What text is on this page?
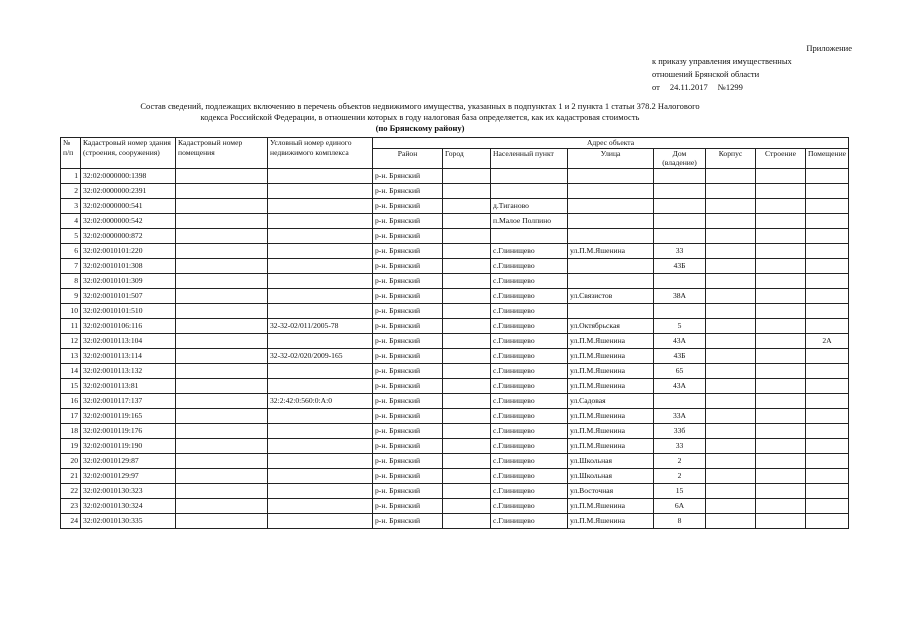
Приложение
к приказу управления имущественных
отношений Брянской области
от 24.11.2017 №1299
Состав сведений, подлежащих включению в перечень объектов недвижимого имущества, указанных в подпунктах 1 и 2 пункта 1 статьи 378.2 Налогового
кодекса Российской Федерации, в отношении которых в году налоговая база определяется, как их кадастровая стоимость
(по Брянскому району)
№ п/п	Кадастровый номер здания (строения, сооружения)	Кадастровый номер помещения	Условный номер единого недвижимого комплекса	Адрес объекта							
				Район	Город	Населенный пункт	Улица	Дом (владение)	Корпус	Строение	Помещение
1	32:02:0000000:1398			р-н. Брянский							
2	32:02:0000000:2391			р-н. Брянский							
3	32:02:0000000:541			р-н. Брянский		д.Тиганово					
4	32:02:0000000:542			р-н. Брянский		п.Малое Полпино					
5	32:02:0000000:872			р-н. Брянский							
6	32:02:0010101:220			р-н. Брянский		с.Глинищево	ул.П.М.Яшенина	33			
7	32:02:0010101:308			р-н. Брянский		с.Глинищево		43Б			
8	32:02:0010101:309			р-н. Брянский		с.Глинищево					
9	32:02:0010101:507			р-н. Брянский		с.Глинищево	ул.Связистов	38А			
10	32:02:0010101:510			р-н. Брянский		с.Глинищево					
11	32:02:0010106:116		32-32-02/011/2005-78	р-н. Брянский		с.Глинищево	ул.Октябрьская	5			
12	32:02:0010113:104			р-н. Брянский		с.Глинищево	ул.П.М.Яшенина	43А			2А
13	32:02:0010113:114		32-32-02/020/2009-165	р-н. Брянский		с.Глинищево	ул.П.М.Яшенина	43Б			
14	32:02:0010113:132			р-н. Брянский		с.Глинищево	ул.П.М.Яшенина	65			
15	32:02:0010113:81			р-н. Брянский		с.Глинищево	ул.П.М.Яшенина	43А			
16	32:02:0010117:137		32:2:42:0:560:0:A:0	р-н. Брянский		с.Глинищево	ул.Садовая				
17	32:02:0010119:165			р-н. Брянский		с.Глинищево	ул.П.М.Яшенина	33А			
18	32:02:0010119:176			р-н. Брянский		с.Глинищево	ул.П.М.Яшенина	33б			
19	32:02:0010119:190			р-н. Брянский		с.Глинищево	ул.П.М.Яшенина	33			
20	32:02:0010129:87			р-н. Брянский		с.Глинищево	ул.Школьная	2			
21	32:02:0010129:97			р-н. Брянский		с.Глинищево	ул.Школьная	2			
22	32:02:0010130:323			р-н. Брянский		с.Глинищево	ул.Восточная	15			
23	32:02:0010130:324			р-н. Брянский		с.Глинищево	ул.П.М.Яшенина	6А			
24	32:02:0010130:335			р-н. Брянский		с.Глинищево	ул.П.М.Яшенина	8			
